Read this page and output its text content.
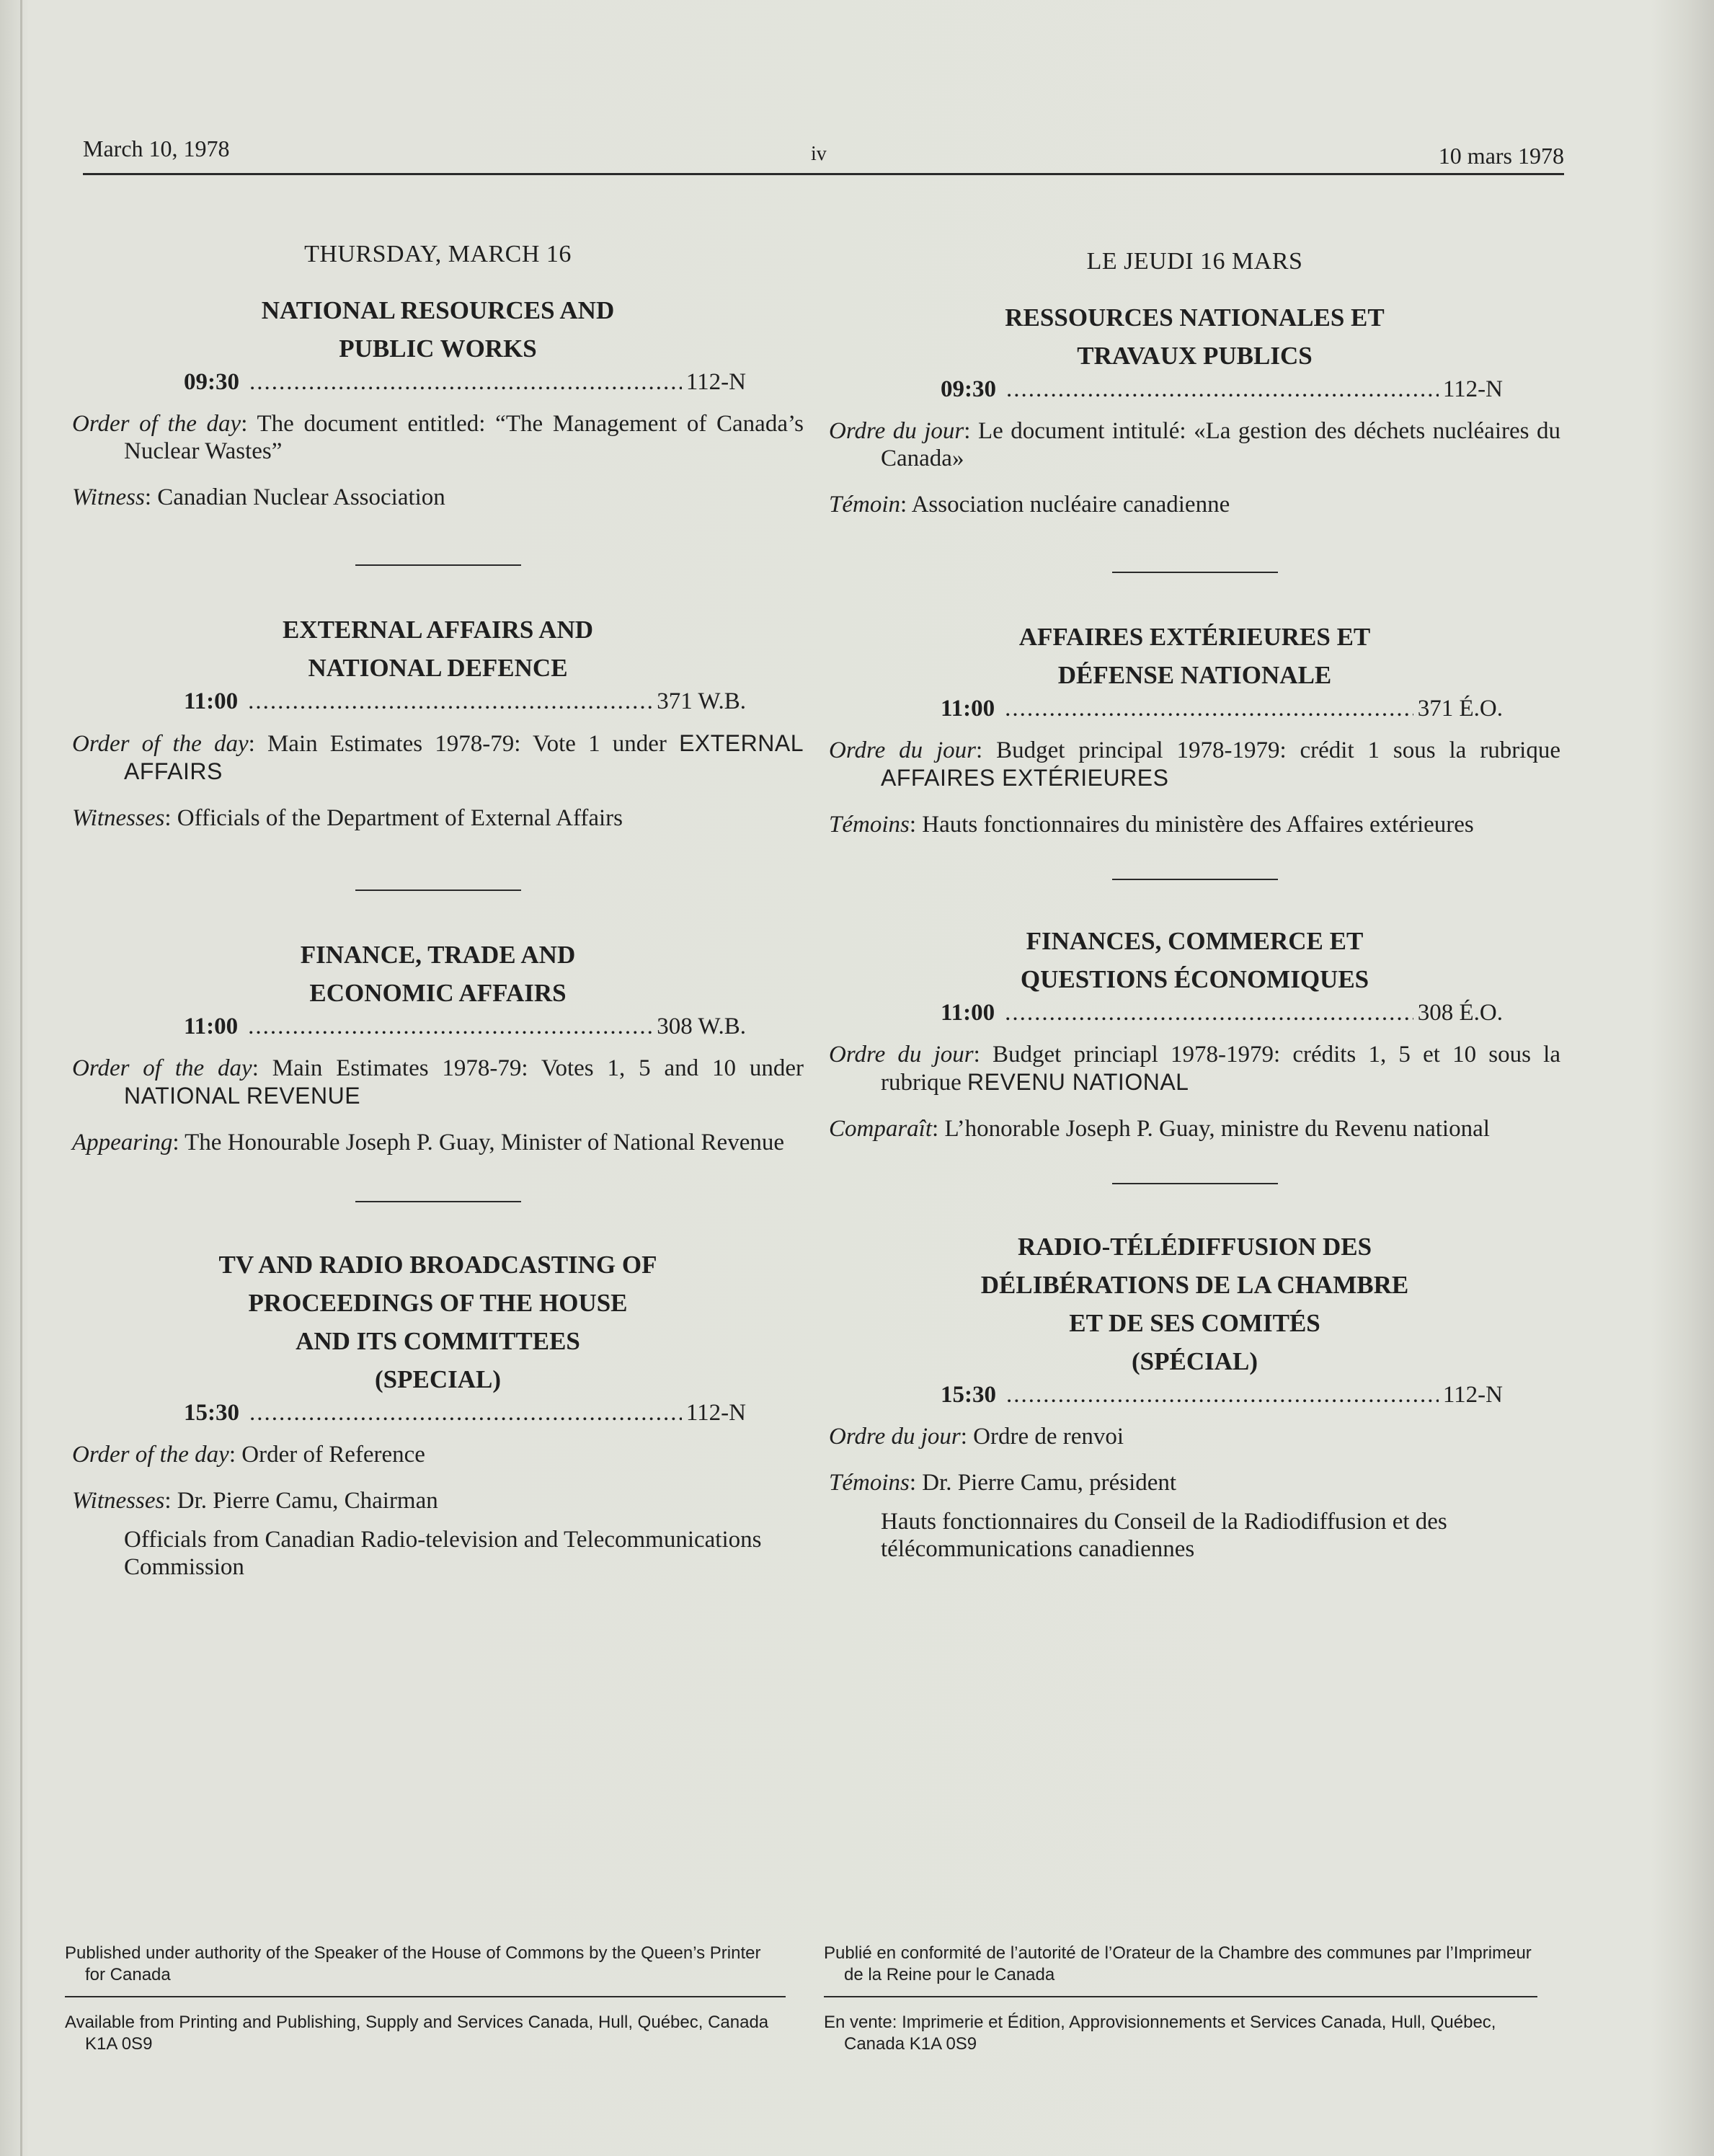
March 10, 1978	iv	10 mars 1978
THURSDAY, MARCH 16
NATIONAL RESOURCES AND
PUBLIC WORKS
09:30 .....	112-N
Order of the day: The document entitled: “The Management of Canada’s Nuclear Wastes”
Witness: Canadian Nuclear Association
EXTERNAL AFFAIRS AND
NATIONAL DEFENCE
11:00 .....	371 W.B.
Order of the day: Main Estimates 1978-79: Vote 1 under EXTERNAL AFFAIRS
Witnesses: Officials of the Department of External Affairs
FINANCE, TRADE AND
ECONOMIC AFFAIRS
11:00 .....	308 W.B.
Order of the day: Main Estimates 1978-79: Votes 1, 5 and 10 under NATIONAL REVENUE
Appearing: The Honourable Joseph P. Guay, Minister of National Revenue
TV AND RADIO BROADCASTING OF
PROCEEDINGS OF THE HOUSE
AND ITS COMMITTEES
(SPECIAL)
15:30 .....	112-N
Order of the day: Order of Reference
Witnesses: Dr. Pierre Camu, Chairman
Officials from Canadian Radio-television and Telecommunications Commission
LE JEUDI 16 MARS
RESSOURCES NATIONALES ET
TRAVAUX PUBLICS
09:30 .....	112-N
Ordre du jour: Le document intitulé: «La gestion des déchets nucléaires du Canada»
Témoin: Association nucléaire canadienne
AFFAIRES EXTÉRIEURES ET
DÉFENSE NATIONALE
11:00 .....	371 É.O.
Ordre du jour: Budget principal 1978-1979: crédit 1 sous la rubrique AFFAIRES EXTÉRIEURES
Témoins: Hauts fonctionnaires du ministère des Affaires extérieures
FINANCES, COMMERCE ET
QUESTIONS ÉCONOMIQUES
11:00 .....	308 É.O.
Ordre du jour: Budget princiapl 1978-1979: crédits 1, 5 et 10 sous la rubrique REVENU NATIONAL
Comparaît: L’honorable Joseph P. Guay, ministre du Revenu national
RADIO-TÉLÉDIFFUSION DES
DÉLIBÉRATIONS DE LA CHAMBRE
ET DE SES COMITÉS
(SPÉCIAL)
15:30 .....	112-N
Ordre du jour: Ordre de renvoi
Témoins: Dr. Pierre Camu, président
Hauts fonctionnaires du Conseil de la Radiodiffusion et des télécommunications canadiennes

Published under authority of the Speaker of the House of Commons by the Queen’s Printer for Canada

Available from Printing and Publishing, Supply and Services Canada, Hull, Québec, Canada K1A 0S9

Publié en conformité de l’autorité de l’Orateur de la Chambre des communes par l’Imprimeur de la Reine pour le Canada

En vente: Imprimerie et Édition, Approvisionnements et Services Canada, Hull, Québec, Canada K1A 0S9
